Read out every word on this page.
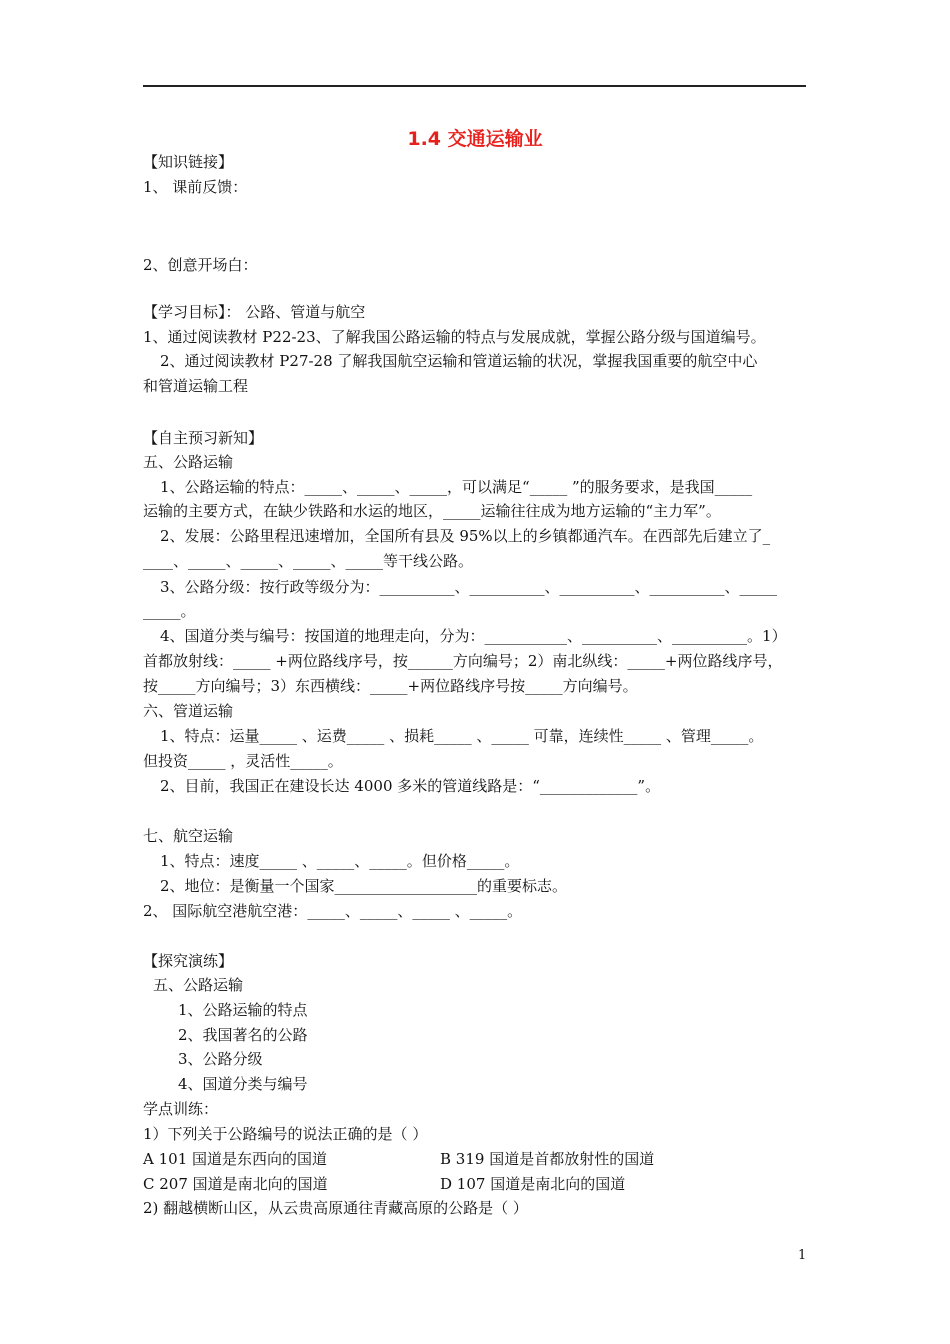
1.4 交通运输业
【知识链接】
1、 课前反馈：
2、创意开场白：
【学习目标】： 公路、管道与航空
1、通过阅读教材 P22-23、了解我国公路运输的特点与发展成就，掌握公路分级与国道编号。
2、通过阅读教材 P27-28 了解我国航空运输和管道运输的状况，掌握我国重要的航空中心
和管道运输工程
【自主预习新知】
五、公路运输
1、公路运输的特点：_____、_____、_____，可以满足“_____ ”的服务要求，是我国_____
运输的主要方式，在缺少铁路和水运的地区，_____运输往往成为地方运输的“主力军”。
2、发展：公路里程迅速增加，全国所有县及 95%以上的乡镇都通汽车。在西部先后建立了_
____、_____、_____、_____、_____等干线公路。
3、公路分级：按行政等级分为：__________、__________、__________、__________、_____
_____。
4、国道分类与编号：按国道的地理走向，分为：___________、__________、__________。1）
首都放射线：_____ +两位路线序号，按______方向编号；2）南北纵线：_____+两位路线序号，
按_____方向编号；3）东西横线：_____+两位路线序号按_____方向编号。
六、管道运输
1、特点：运量_____ 、运费_____ 、损耗_____ 、_____ 可靠，连续性_____ 、管理_____。
但投资_____ ，灵活性_____。
2、目前，我国正在建设长达 4000 多米的管道线路是：“_____________”。
七、航空运输
1、特点：速度_____ 、_____、_____。但价格_____。
2、地位：是衡量一个国家___________________的重要标志。
2、 国际航空港航空港：_____、_____、_____ 、_____。
【探究演练】
五、公路运输
1、公路运输的特点
2、我国著名的公路
3、公路分级
4、国道分类与编号
学点训练：
1）下列关于公路编号的说法正确的是（ ）
A 101 国道是东西向的国道	B 319 国道是首都放射性的国道
C 207 国道是南北向的国道	D 107 国道是南北向的国道
2) 翻越横断山区，从云贵高原通往青藏高原的公路是（ ）
1
